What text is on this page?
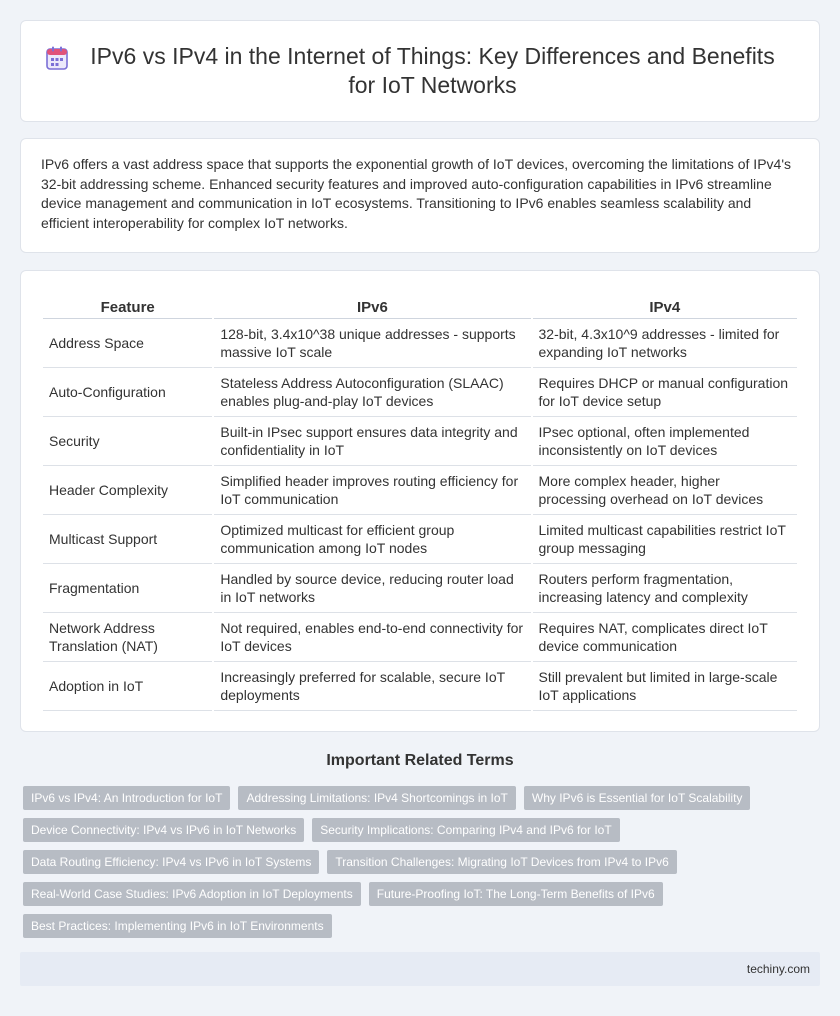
IPv6 vs IPv4 in the Internet of Things: Key Differences and Benefits for IoT Networks

IPv6 offers a vast address space that supports the exponential growth of IoT devices, overcoming the limitations of IPv4's 32-bit addressing scheme. Enhanced security features and improved auto-configuration capabilities in IPv6 streamline device management and communication in IoT ecosystems. Transitioning to IPv6 enables seamless scalability and efficient interoperability for complex IoT networks.

Feature	IPv6	IPv4
Address Space	128-bit, 3.4x10^38 unique addresses - supports massive IoT scale	32-bit, 4.3x10^9 addresses - limited for expanding IoT networks
Auto-Configuration	Stateless Address Autoconfiguration (SLAAC) enables plug-and-play IoT devices	Requires DHCP or manual configuration for IoT device setup
Security	Built-in IPsec support ensures data integrity and confidentiality in IoT	IPsec optional, often implemented inconsistently on IoT devices
Header Complexity	Simplified header improves routing efficiency for IoT communication	More complex header, higher processing overhead on IoT devices
Multicast Support	Optimized multicast for efficient group communication among IoT nodes	Limited multicast capabilities restrict IoT group messaging
Fragmentation	Handled by source device, reducing router load in IoT networks	Routers perform fragmentation, increasing latency and complexity
Network Address Translation (NAT)	Not required, enables end-to-end connectivity for IoT devices	Requires NAT, complicates direct IoT device communication
Adoption in IoT	Increasingly preferred for scalable, secure IoT deployments	Still prevalent but limited in large-scale IoT applications
Important Related Terms
IPv6 vs IPv4: An Introduction for IoT	Addressing Limitations: IPv4 Shortcomings in IoT	Why IPv6 is Essential for IoT Scalability
Device Connectivity: IPv4 vs IPv6 in IoT Networks	Security Implications: Comparing IPv4 and IPv6 for IoT
Data Routing Efficiency: IPv4 vs IPv6 in IoT Systems	Transition Challenges: Migrating IoT Devices from IPv4 to IPv6
Real-World Case Studies: IPv6 Adoption in IoT Deployments	Future-Proofing IoT: The Long-Term Benefits of IPv6
Best Practices: Implementing IPv6 in IoT Environments
techiny.com
